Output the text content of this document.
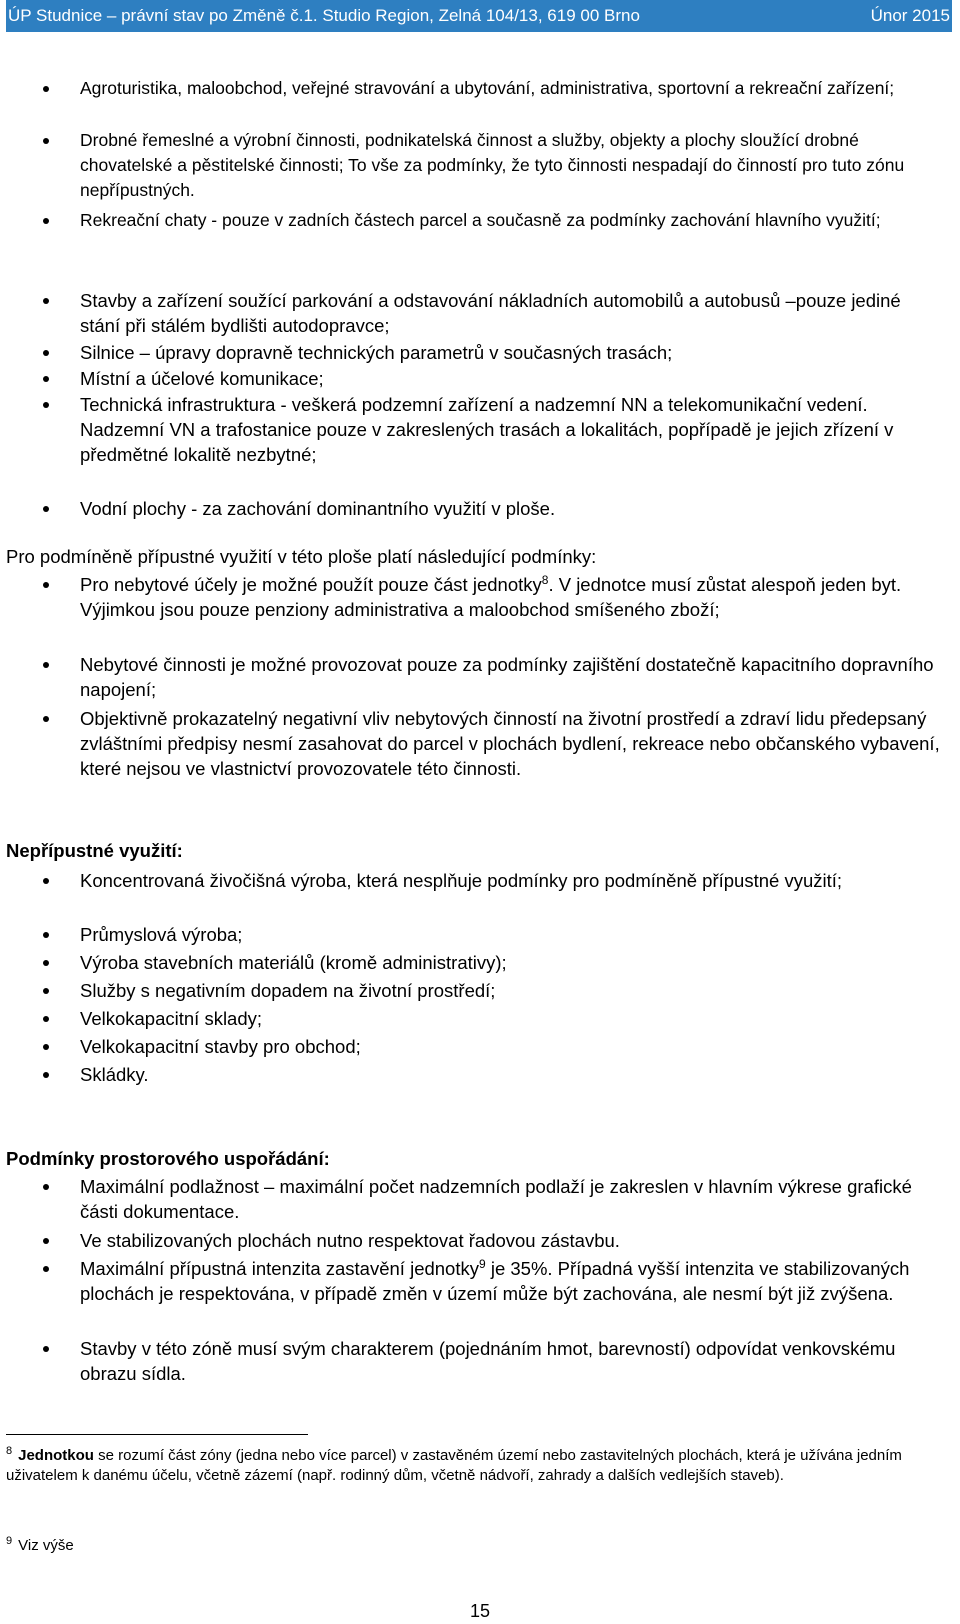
ÚP Studnice – právní stav po Změně č.1. Studio Region, Zelná 104/13, 619 00 Brno	Únor 2015
Agroturistika, maloobchod, veřejné stravování a ubytování, administrativa, sportovní a rekreační zařízení;
Drobné řemeslné a výrobní činnosti, podnikatelská činnost a služby, objekty a plochy sloužící drobné chovatelské a pěstitelské činnosti; To vše za podmínky, že tyto činnosti nespadají do činností pro tuto zónu nepřípustných.
Rekreační chaty - pouze v zadních částech parcel a současně za podmínky zachování hlavního využití;
Stavby a zařízení soužící parkování a odstavování nákladních automobilů a autobusů –pouze jediné stání při stálém bydlišti autodopravce;
Silnice – úpravy dopravně technických parametrů v současných trasách;
Místní a účelové komunikace;
Technická infrastruktura - veškerá podzemní zařízení a nadzemní NN a telekomunikační vedení. Nadzemní VN a trafostanice pouze v zakreslených trasách a lokalitách, popřípadě je jejich zřízení v předmětné lokalitě nezbytné;
Vodní plochy - za zachování dominantního využití v ploše.
Pro podmíněně přípustné využití v této ploše platí následující podmínky:
Pro nebytové účely je možné použít pouze část jednotky$^8$. V jednotce musí zůstat alespoň jeden byt. Výjimkou jsou pouze penziony administrativa a maloobchod smíšeného zboží;
Nebytové činnosti je možné provozovat pouze za podmínky zajištění dostatečně kapacitního dopravního napojení;
Objektivně prokazatelný negativní vliv nebytových činností na životní prostředí a zdraví lidu předepsaný zvláštními předpisy nesmí zasahovat do parcel v plochách bydlení, rekreace nebo občanského vybavení, které nejsou ve vlastnictví provozovatele této činnosti.
Nepřípustné využití:
Koncentrovaná živočišná výroba, která nesplňuje podmínky pro podmíněně přípustné využití;
Průmyslová výroba;
Výroba stavebních materiálů (kromě administrativy);
Služby s negativním dopadem na životní prostředí;
Velkokapacitní sklady;
Velkokapacitní stavby pro obchod;
Skládky.
Podmínky prostorového uspořádání:
Maximální podlažnost – maximální počet nadzemních podlaží je zakreslen v hlavním výkrese grafické části dokumentace.
Ve stabilizovaných plochách nutno respektovat řadovou zástavbu.
Maximální přípustná intenzita zastavění jednotky$^9$ je 35%. Případná vyšší intenzita ve stabilizovaných plochách je respektována, v případě změn v území může být zachována, ale nesmí být již zvýšena.
Stavby v této zóně musí svým charakterem (pojednáním hmot, barevností) odpovídat venkovskému obrazu sídla.
$^8$ Jednotkou se rozumí část zóny (jedna nebo více parcel) v zastavěném území nebo zastavitelných plochách, která je užívána jedním uživatelem k danému účelu, včetně zázemí (např. rodinný dům, včetně nádvoří, zahrady a dalších vedlejších staveb).
$^9$ Viz výše
15
